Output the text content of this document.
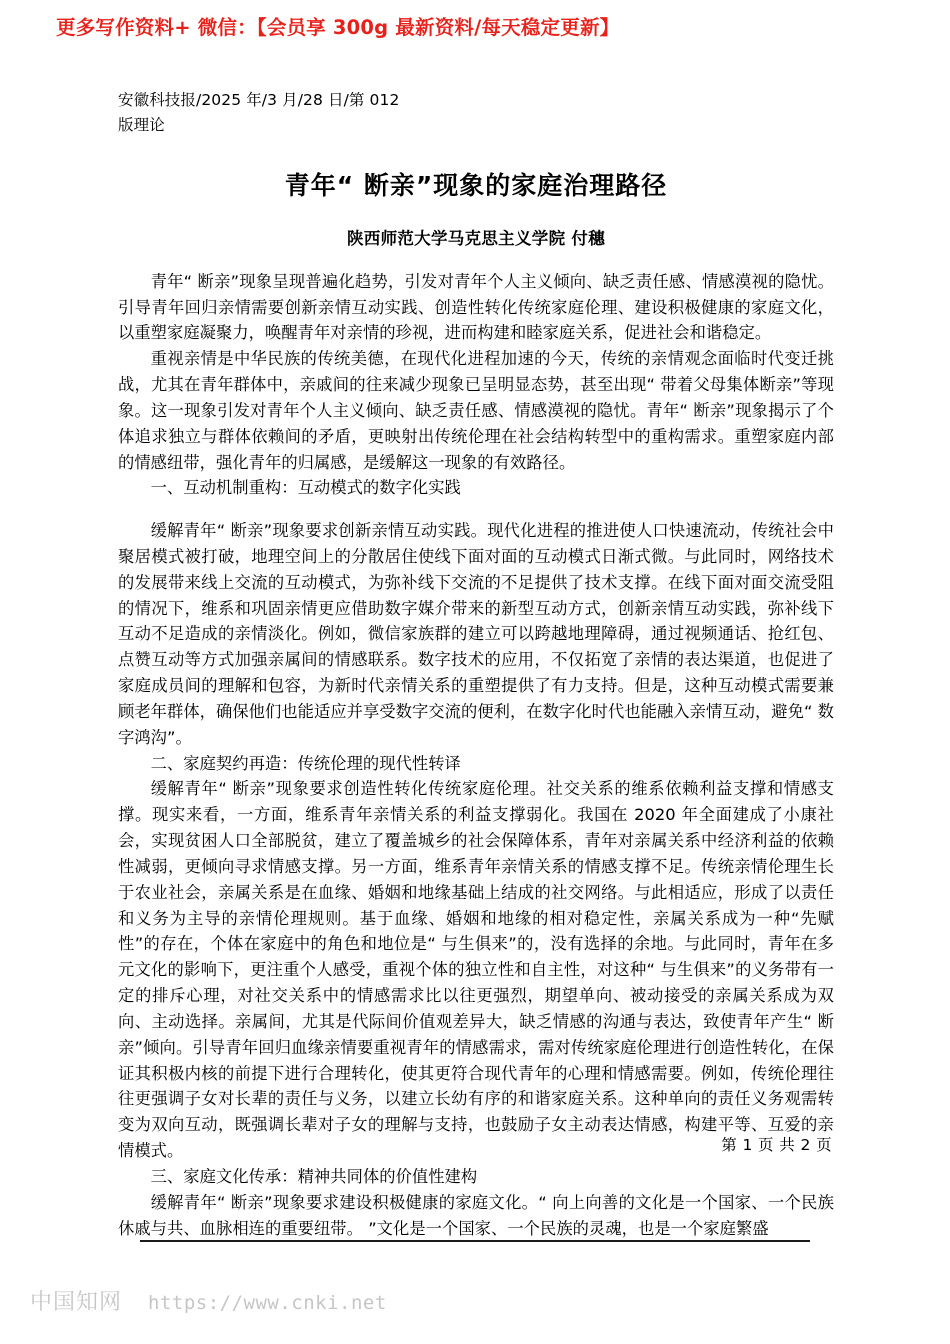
更多写作资料+ 微信：【会员享 300g 最新资料/每天稳定更新】
安徽科技报/2025 年/3 月/28 日/第 012
版理论
青年“ 断亲”现象的家庭治理路径
陕西师范大学马克思主义学院 付穗

青年“ 断亲”现象呈现普遍化趋势，引发对青年个人主义倾向、缺乏责任感、情感漠视的隐忧。引导青年回归亲情需要创新亲情互动实践、创造性转化传统家庭伦理、建设积极健康的家庭文化，以重塑家庭凝聚力，唤醒青年对亲情的珍视，进而构建和睦家庭关系，促进社会和谐稳定。

重视亲情是中华民族的传统美德，在现代化进程加速的今天，传统的亲情观念面临时代变迁挑战，尤其在青年群体中，亲戚间的往来减少现象已呈明显态势，甚至出现“ 带着父母集体断亲”等现象。这一现象引发对青年个人主义倾向、缺乏责任感、情感漠视的隐忧。青年“ 断亲”现象揭示了个体追求独立与群体依赖间的矛盾，更映射出传统伦理在社会结构转型中的重构需求。重塑家庭内部的情感纽带，强化青年的归属感，是缓解这一现象的有效路径。

一、互动机制重构：互动模式的数字化实践

缓解青年“ 断亲”现象要求创新亲情互动实践。现代化进程的推进使人口快速流动，传统社会中聚居模式被打破，地理空间上的分散居住使线下面对面的互动模式日渐式微。与此同时，网络技术的发展带来线上交流的互动模式，为弥补线下交流的不足提供了技术支撑。在线下面对面交流受阻的情况下，维系和巩固亲情更应借助数字媒介带来的新型互动方式，创新亲情互动实践，弥补线下互动不足造成的亲情淡化。例如，微信家族群的建立可以跨越地理障碍，通过视频通话、抢红包、点赞互动等方式加强亲属间的情感联系。数字技术的应用，不仅拓宽了亲情的表达渠道，也促进了家庭成员间的理解和包容，为新时代亲情关系的重塑提供了有力支持。但是，这种互动模式需要兼顾老年群体，确保他们也能适应并享受数字交流的便利，在数字化时代也能融入亲情互动，避免“ 数字鸿沟”。

二、家庭契约再造：传统伦理的现代性转译

缓解青年“ 断亲”现象要求创造性转化传统家庭伦理。社交关系的维系依赖利益支撑和情感支撑。现实来看，一方面，维系青年亲情关系的利益支撑弱化。我国在 2020 年全面建成了小康社会，实现贫困人口全部脱贫，建立了覆盖城乡的社会保障体系，青年对亲属关系中经济利益的依赖性减弱，更倾向寻求情感支撑。另一方面，维系青年亲情关系的情感支撑不足。传统亲情伦理生长于农业社会，亲属关系是在血缘、婚姻和地缘基础上结成的社交网络。与此相适应，形成了以责任和义务为主导的亲情伦理规则。基于血缘、婚姻和地缘的相对稳定性，亲属关系成为一种“先赋性”的存在，个体在家庭中的角色和地位是“ 与生俱来”的，没有选择的余地。与此同时，青年在多元文化的影响下，更注重个人感受，重视个体的独立性和自主性，对这种“ 与生俱来”的义务带有一定的排斥心理，对社交关系中的情感需求比以往更强烈，期望单向、被动接受的亲属关系成为双向、主动选择。亲属间，尤其是代际间价值观差异大，缺乏情感的沟通与表达，致使青年产生“ 断亲”倾向。引导青年回归血缘亲情要重视青年的情感需求，需对传统家庭伦理进行创造性转化，在保证其积极内核的前提下进行合理转化，使其更符合现代青年的心理和情感需要。例如，传统伦理往往更强调子女对长辈的责任与义务，以建立长幼有序的和谐家庭关系。这种单向的责任义务观需转变为双向互动，既强调长辈对子女的理解与支持，也鼓励子女主动表达情感，构建平等、互爱的亲情模式。

三、家庭文化传承：精神共同体的价值性建构

缓解青年“ 断亲”现象要求建设积极健康的家庭文化。“ 向上向善的文化是一个国家、一个民族休戚与共、血脉相连的重要纽带。 ”文化是一个国家、一个民族的灵魂，也是一个家庭繁盛

第 1 页 共 2 页
中国知网 https://www.cnki.net
